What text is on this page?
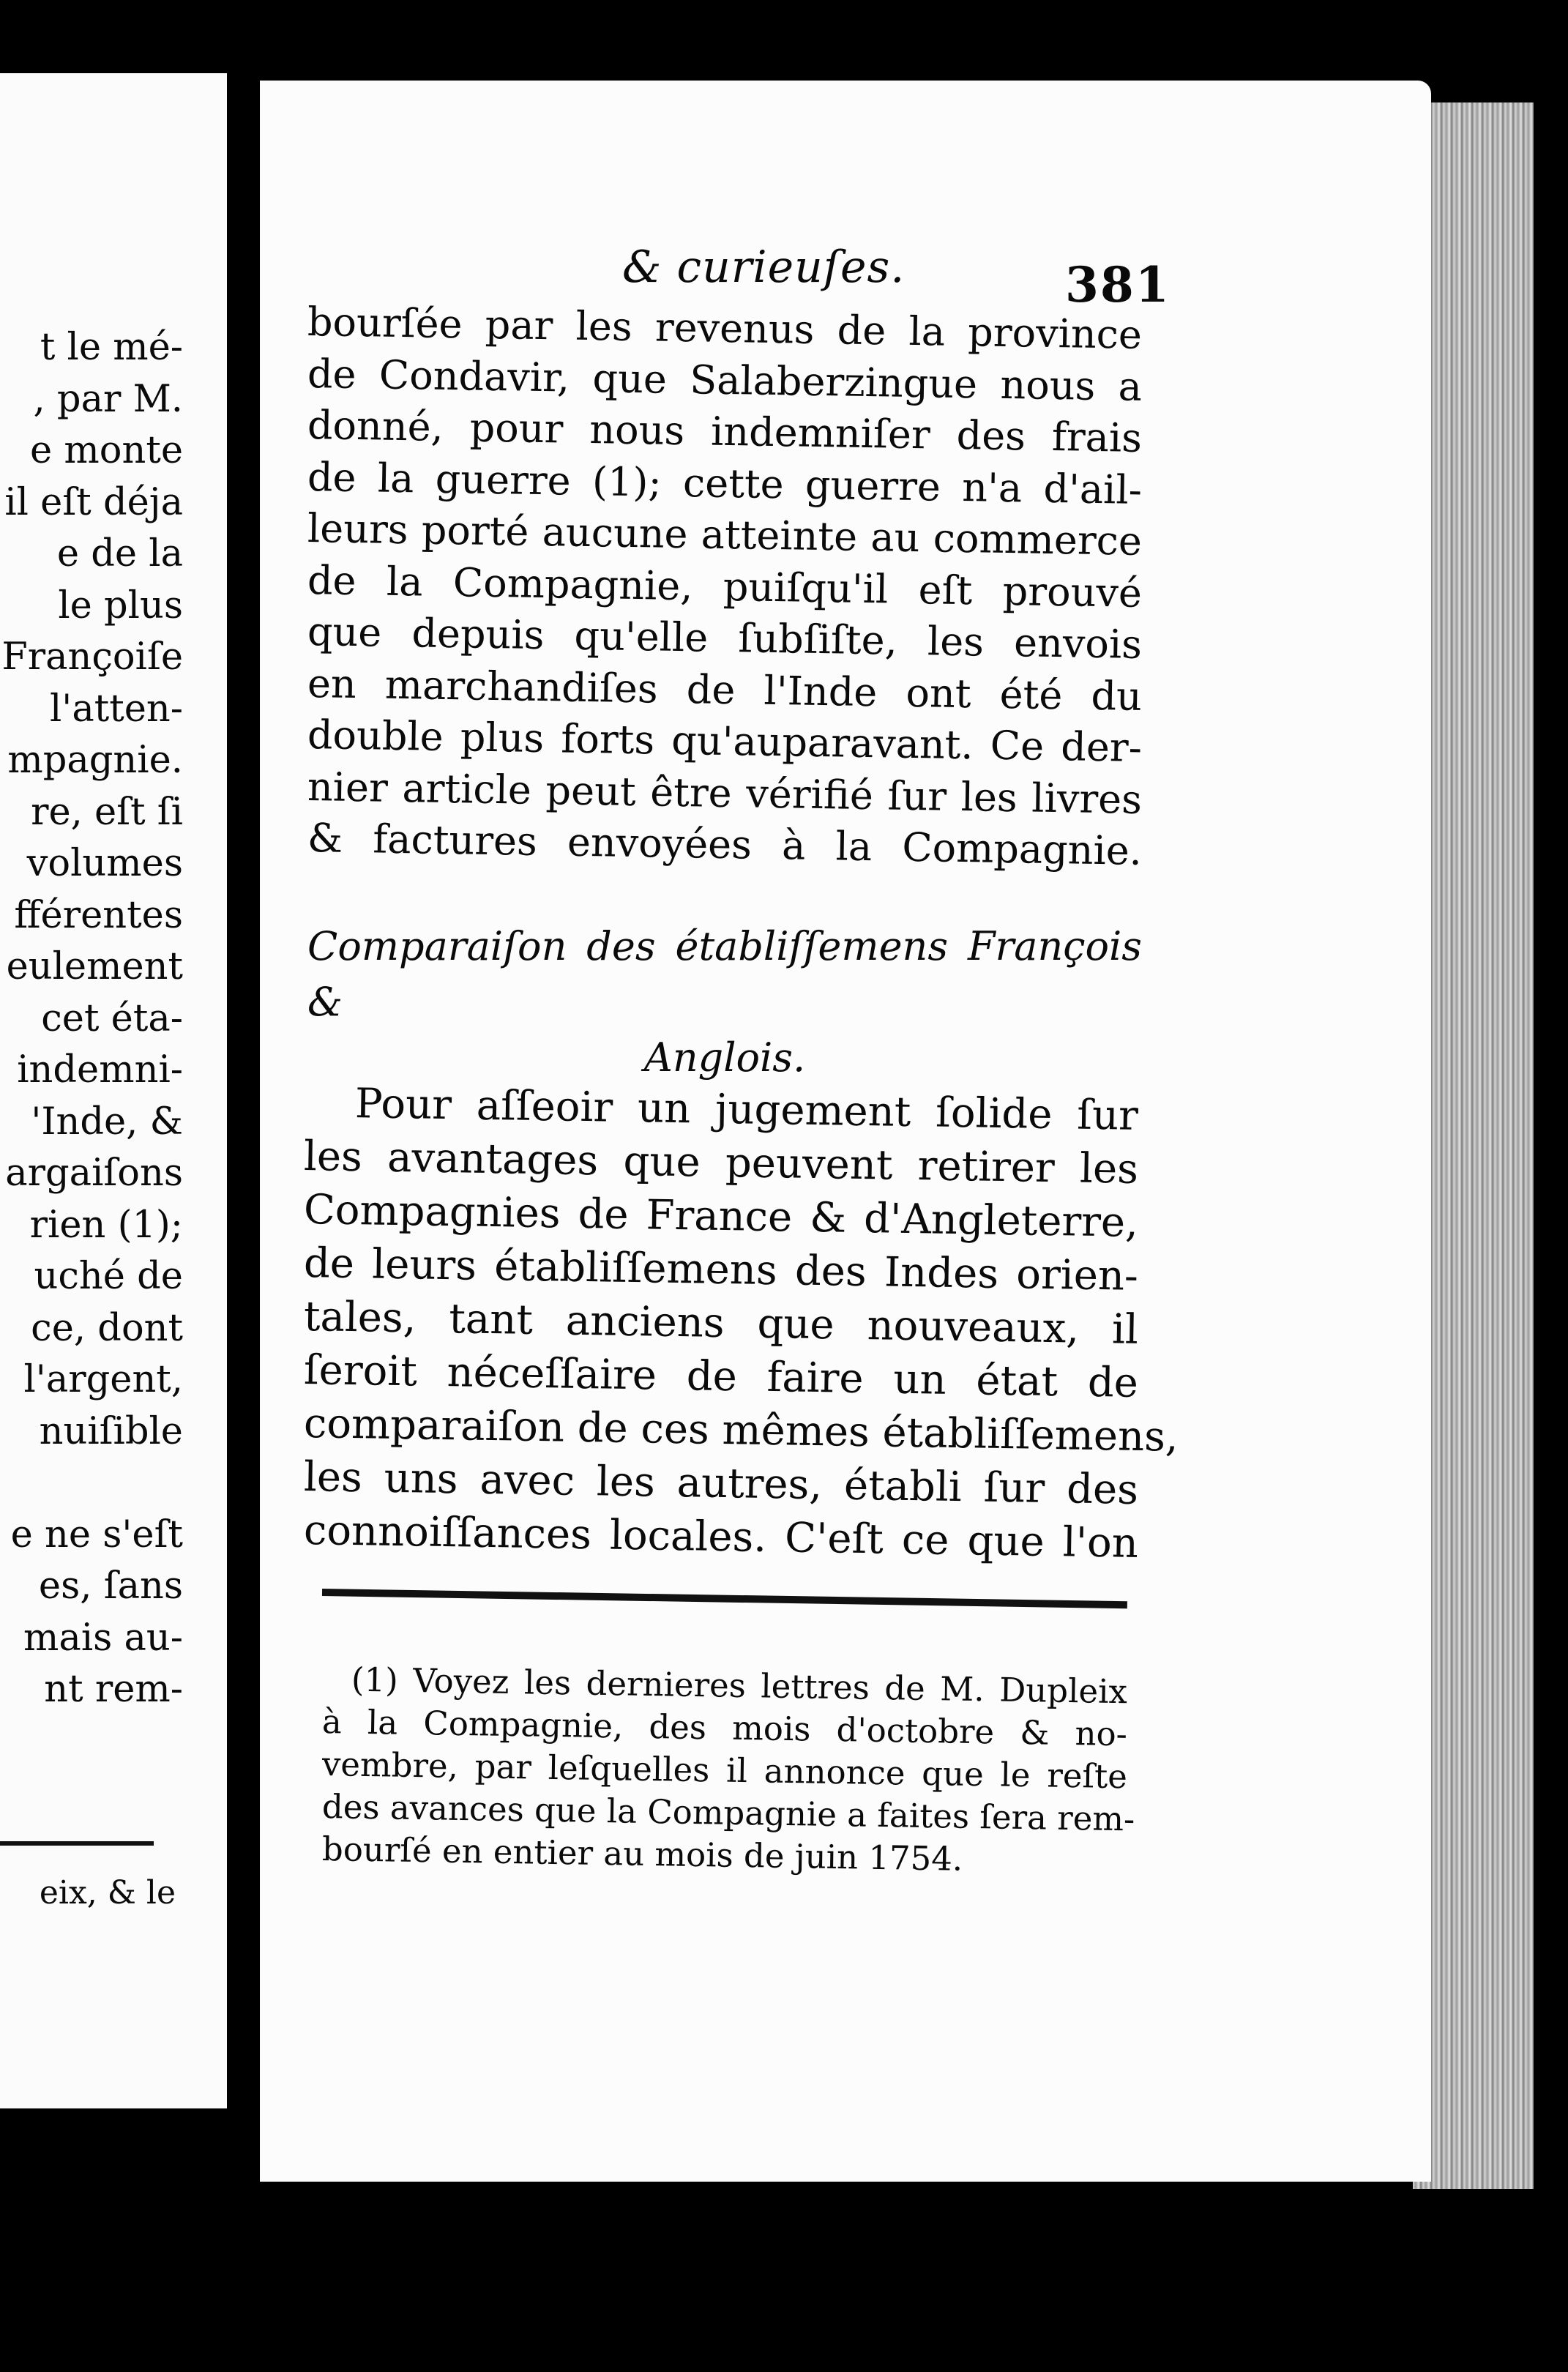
t le mé-
, par M.
e monte
il eſt déja
e de la
le plus
Françoiſe
l'atten-
mpagnie.
re, eſt ſi
volumes
fférentes
eulement
cet éta-
indemni-
'Inde, &
argaiſons
rien (1);
uché de
ce, dont
l'argent,
nuiſible
e ne s'eſt
es, ſans
mais au-
nt rem-
eix, & le
& curieuſes.	381
bourſée par les revenus de la province
de Condavir, que Salaberzingue nous a
donné, pour nous indemniſer des frais
de la guerre (1); cette guerre n'a d'ail-
leurs porté aucune atteinte au commerce
de la Compagnie, puiſqu'il eſt prouvé
que depuis qu'elle ſubſiſte, les envois
en marchandiſes de l'Inde ont été du
double plus forts qu'auparavant. Ce der-
nier article peut être vérifié ſur les livres
& factures envoyées à la Compagnie.
Comparaiſon des établiſſemens François &
Anglois.
Pour aſſeoir un jugement ſolide ſur
les avantages que peuvent retirer les
Compagnies de France & d'Angleterre,
de leurs établiſſemens des Indes orien-
tales, tant anciens que nouveaux, il
ſeroit néceſſaire de faire un état de
comparaiſon de ces mêmes établiſſemens,
les uns avec les autres, établi ſur des
connoiſſances locales. C'eſt ce que l'on
(1) Voyez les dernieres lettres de M. Dupleix
à la Compagnie, des mois d'octobre & no-
vembre, par leſquelles il annonce que le reſte
des avances que la Compagnie a faites ſera rem-
bourſé en entier au mois de juin 1754.
